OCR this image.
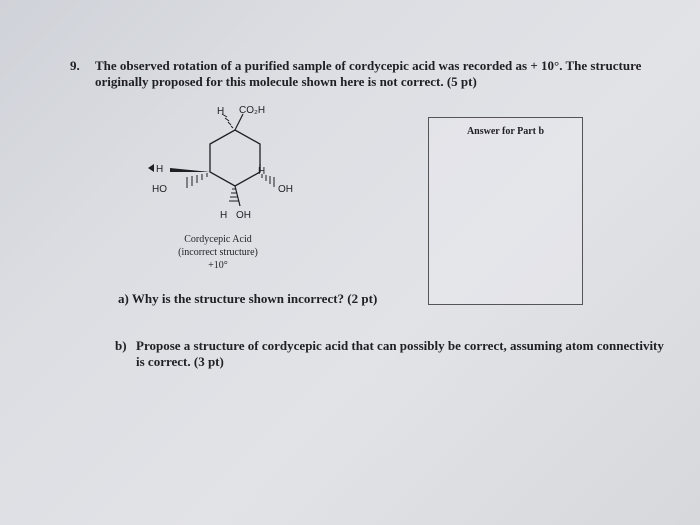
9. The observed rotation of a purified sample of cordycepic acid was recorded as + 10°. The structure
originally proposed for this molecule shown here is not correct. (5 pt)
H CO₂H
H
HO
H
OH
H OH
Cordycepic Acid
(incorrect structure)
+10°
Answer for Part b
a) Why is the structure shown incorrect? (2 pt)
b) Propose a structure of cordycepic acid that can possibly be correct, assuming atom connectivity
is correct. (3 pt)
